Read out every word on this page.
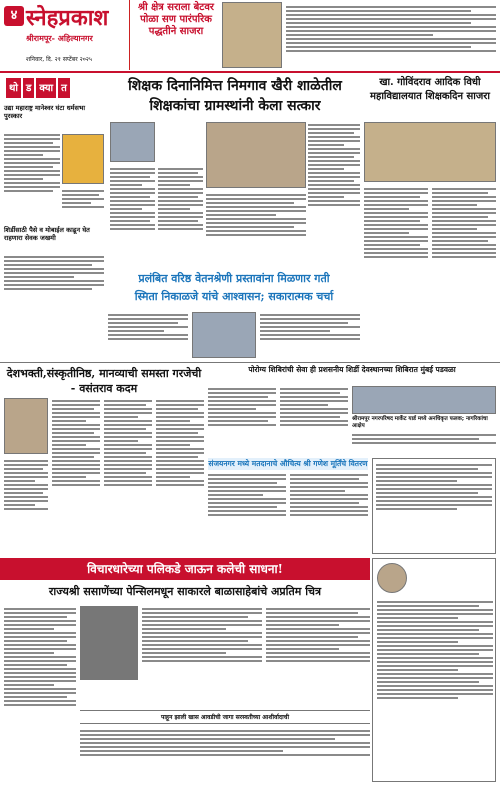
४ स्नेहप्रकाश
श्रीरामपूर- अहिल्यानगर
शनिवार, दि. २१ सप्टेंबर २०२५
श्री क्षेत्र सराला बेटवर पोळा सण पारंपरिक पद्धतीने साजरा
थो ड क्या त	शिक्षक दिनानिमित्त निमगाव खैरी शाळेतील
शिक्षकांचा ग्रामस्थांनी केला सत्कार
उद्या महाराष्ट्र मानेश्वर घंटा धर्मसभा पुरस्कार
शिर्डीसाठी पैसे व मोबाईल काढून घेत राहणारा सेवक जखमी
खा. गोविंदराव आदिक विधी महाविद्यालयात शिक्षकदिन साजरा
प्रलंबित वरिष्ठ वेतनश्रेणी प्रस्तावांना मिळणार गती
स्मिता निकाळजे यांचे आश्वासन; सकारात्मक चर्चा
देशभक्ती,संस्कृतीनिष्ठ, मानव्याची समस्ता गरजेची - वसंतराव कदम
पोरोग्य शिबिरांची सेवा ही प्रशसनीय शिर्डी देवस्थानच्या शिबिरात मुंबई पडवळा
श्रीरामपूर नगरपरिषद मार्केट यार्ड मध्ये अनधिकृत फलक; नागरिकांचा आक्षेप
संजयनगर मध्ये मतदानाचे औचित्य श्री गणेश मूर्तिंचे वितरण
विचारधारेच्या पलिकडे जाऊन कलेची साधना!
राज्यश्री ससाणेंच्या पेन्सिलमधून साकारले बाळासाहेबांचे अप्रतिम चित्र
पाहून झाली खास आवडीची जागा सरस्वतीच्या आशीर्वादाची
